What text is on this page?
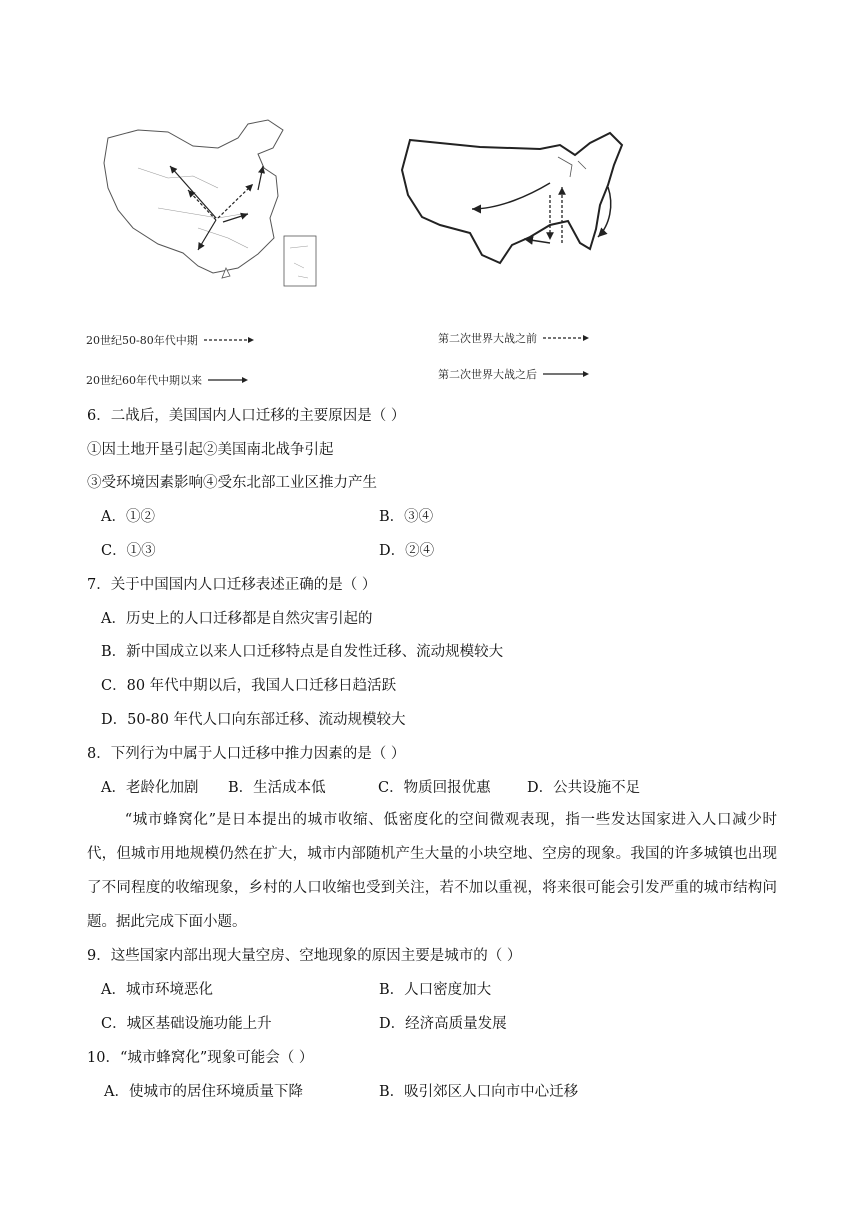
20世纪50-80年代中期
20世纪60年代中期以来
第二次世界大战之前
第二次世界大战之后
6．二战后，美国国内人口迁移的主要原因是（ ）
①因土地开垦引起②美国南北战争引起
③受环境因素影响④受东北部工业区推力产生
A．①②	B．③④
C．①③	D．②④
7．关于中国国内人口迁移表述正确的是（ ）
A．历史上的人口迁移都是自然灾害引起的
B．新中国成立以来人口迁移特点是自发性迁移、流动规模较大
C．80 年代中期以后，我国人口迁移日趋活跃
D．50-80 年代人口向东部迁移、流动规模较大
8．下列行为中属于人口迁移中推力因素的是（ ）
A．老龄化加剧 B．生活成本低	C．物质回报优惠	D．公共设施不足
“城市蜂窝化”是日本提出的城市收缩、低密度化的空间微观表现，指一些发达国家进入人口减少时代，但城市用地规模仍然在扩大，城市内部随机产生大量的小块空地、空房的现象。我国的许多城镇也出现了不同程度的收缩现象，乡村的人口收缩也受到关注，若不加以重视，将来很可能会引发严重的城市结构问题。据此完成下面小题。
9．这些国家内部出现大量空房、空地现象的原因主要是城市的（ ）
A．城市环境恶化	B．人口密度加大
C．城区基础设施功能上升	D．经济高质量发展
10．“城市蜂窝化”现象可能会（ ）
A．使城市的居住环境质量下降	B．吸引郊区人口向市中心迁移
